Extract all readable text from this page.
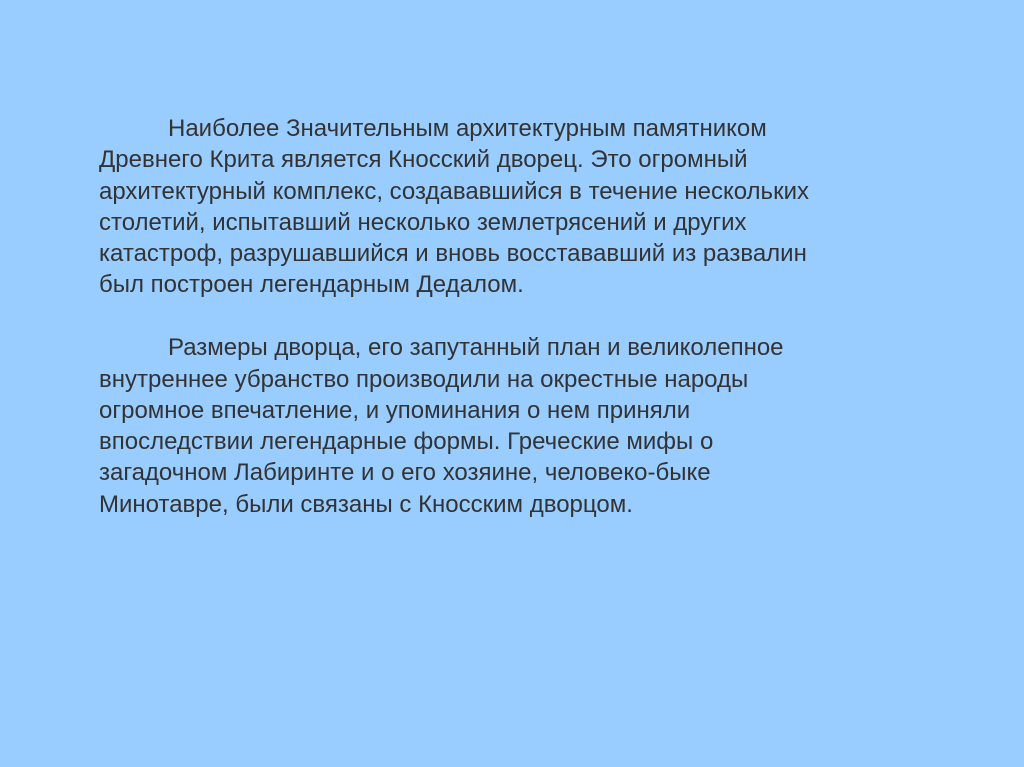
Наиболее Значительным архитектурным памятником
Древнего Крита является Кносский дворец. Это огромный
архитектурный комплекс, создававшийся в течение нескольких
столетий, испытавший несколько землетрясений и других
катастроф, разрушавшийся и вновь восстававший из развалин
был построен легендарным Дедалом.

Размеры дворца, его запутанный план и великолепное
внутреннее убранство производили на окрестные народы
огромное впечатление, и упоминания о нем приняли
впоследствии легендарные формы. Греческие мифы о
загадочном Лабиринте и о его хозяине, человеко-быке
Минотавре, были связаны с Кносским дворцом.
